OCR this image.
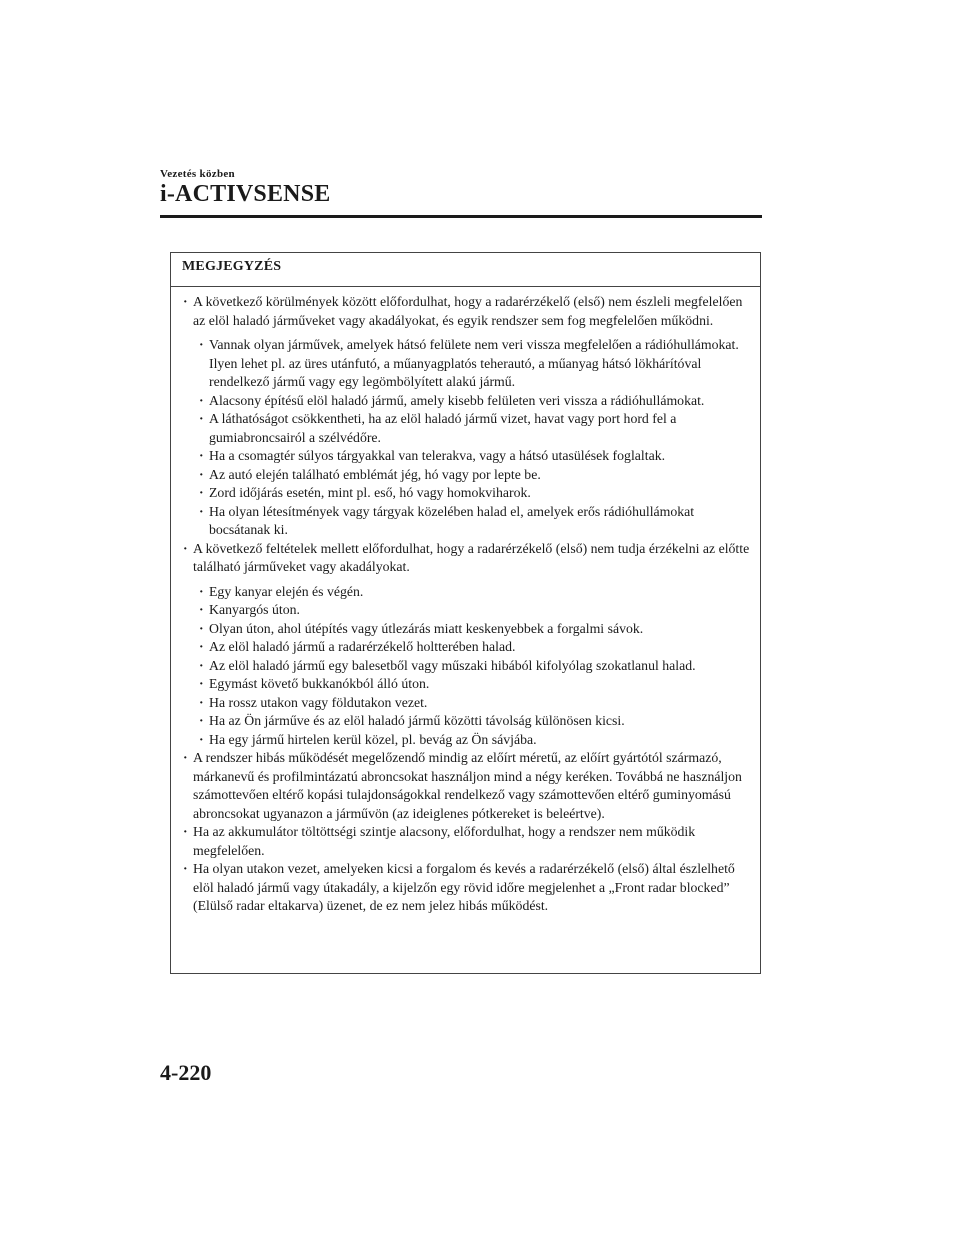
Vezetés közben
i-ACTIVSENSE
MEGJEGYZÉS
· A következő körülmények között előfordulhat, hogy a radarérzékelő (első) nem észleli megfelelően az elöl haladó járműveket vagy akadályokat, és egyik rendszer sem fog megfelelően működni.
· Vannak olyan járművek, amelyek hátsó felülete nem veri vissza megfelelően a rádióhullámokat. Ilyen lehet pl. az üres utánfutó, a műanyagplatós teherautó, a műanyag hátsó lökhárítóval rendelkező jármű vagy egy legömbölyített alakú jármű.
· Alacsony építésű elöl haladó jármű, amely kisebb felületen veri vissza a rádióhullámokat.
· A láthatóságot csökkentheti, ha az elöl haladó jármű vizet, havat vagy port hord fel a gumiabroncsairól a szélvédőre.
· Ha a csomagtér súlyos tárgyakkal van telerakva, vagy a hátsó utasülések foglaltak.
· Az autó elején található emblémát jég, hó vagy por lepte be.
· Zord időjárás esetén, mint pl. eső, hó vagy homokviharok.
· Ha olyan létesítmények vagy tárgyak közelében halad el, amelyek erős rádióhullámokat bocsátanak ki.
· A következő feltételek mellett előfordulhat, hogy a radarérzékelő (első) nem tudja érzékelni az előtte található járműveket vagy akadályokat.
· Egy kanyar elején és végén.
· Kanyargós úton.
· Olyan úton, ahol útépítés vagy útlezárás miatt keskenyebbek a forgalmi sávok.
· Az elöl haladó jármű a radarérzékelő holtterében halad.
· Az elöl haladó jármű egy balesetből vagy műszaki hibából kifolyólag szokatlanul halad.
· Egymást követő bukkanókból álló úton.
· Ha rossz utakon vagy földutakon vezet.
· Ha az Ön járműve és az elöl haladó jármű közötti távolság különösen kicsi.
· Ha egy jármű hirtelen kerül közel, pl. bevág az Ön sávjába.
· A rendszer hibás működését megelőzendő mindig az előírt méretű, az előírt gyártótól származó, márkanevű és profilmintázatú abroncsokat használjon mind a négy keréken. Továbbá ne használjon számottevően eltérő kopási tulajdonságokkal rendelkező vagy számottevően eltérő guminyomású abroncsokat ugyanazon a járművön (az ideiglenes pótkereket is beleértve).
· Ha az akkumulátor töltöttségi szintje alacsony, előfordulhat, hogy a rendszer nem működik megfelelően.
· Ha olyan utakon vezet, amelyeken kicsi a forgalom és kevés a radarérzékelő (első) által észlelhető elöl haladó jármű vagy útakadály, a kijelzőn egy rövid időre megjelenhet a „Front radar blocked” (Elülső radar eltakarva) üzenet, de ez nem jelez hibás működést.
4-220
